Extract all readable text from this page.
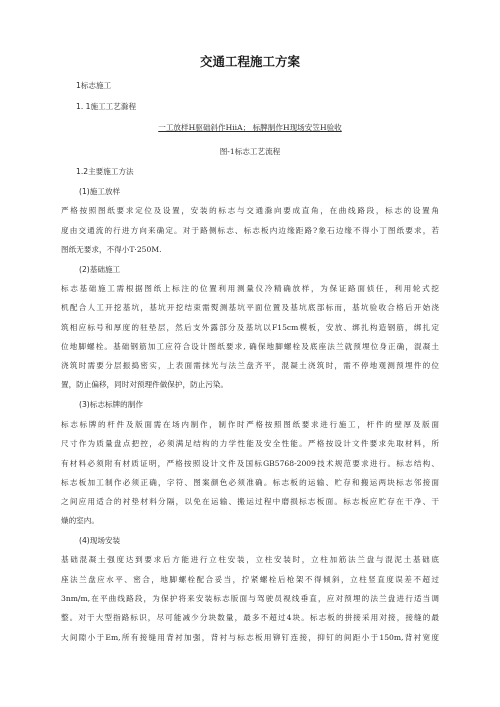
交通工程施工方案
1标志施工
1. 1施工工艺滁程
一工放样H驱础斜作HiiA； 标脾制作H现场安笠H验收
图-1标志工艺流程
1.2主要施工方法
(1)施工放样
严格按照图纸要求定位及设置，安装的标志与交通滁向要成直角，在曲线路段，标志的设置角
度由交通流的行进方向来确定。对于路侧标志、标志板内边缘距路?象石边缘不得小丁图纸要求，若
图纸无要求，不得小T·250M.
(2)基础施工
标志基础施工需根据图纸上标注的位置利用测量仪冷精确放样，为保证路面侦任，利用轮式挖
机配合人工开挖基坑，基坑开挖结束需熨测基坑平面位置及基坑底部标而，基坑验收合格后开始浇
筑相应标号和厚度的驻垫层，然后支外露部分及基坑以F15cm模板，安放、绑扎构造钢筋，绑扎定
位地脚螺栓。基础钢筋加工应符合设计图纸要求, 确保地脚螺栓及底座法兰就预埋位身正确，混凝土
浇筑时需要分层振捣密实，上表面需抹光与法兰盘齐平，混凝土浇筑时，需不停地观测预埋件的位
置，防止偏移，同时对预理件做保护，防止污染。
(3)标志标牌的制作
标志标牌的杆件及版面需在场内制作，制作时严格按照图纸要求进行施工，杆件的壁厚及版面
尺寸作为质量盘点把控，必须满足结构的力学性能及安全性能。严格按设计文件要求先取材料，所
有材料必须附有材质证明，严格按照设计文件及国标GB5768-2009技术规范要求进行。标志结构、
标志板加工制作必须正确，字符、图案颜色必须准确。标志板的运输、贮存和搬运两块标志邻接面
之间应用适合的衬垫材料分隔，以免在运输、搬运过程中磨损标志板面。标志板应贮存在干净、干
燥的室内。
(4)现场安装
基础混凝土强度达到要求后方能进行立柱安装，立柱安装时，立柱加筋法兰盘与混泥土基础底
座法兰盘应水平、密合，地脚螺栓配合妥当，拧紧螺栓后枪架不得倾斜，立柱竖直度误差不超过
3nm/m,在平曲线路段，为保护将来安装标志版面与驾驶员视线垂直，应对预埋的法兰盘进行适当调
整。对于大型指路标识，尽可能减少分块数量，最多不超过4块。标志板的拼接采用对接，接缝的最
大间隙小于Em,所有接缝用背衬加强，背衬与标志板用铆钉连接，抑钉的间距小于150m,背衬宽度
